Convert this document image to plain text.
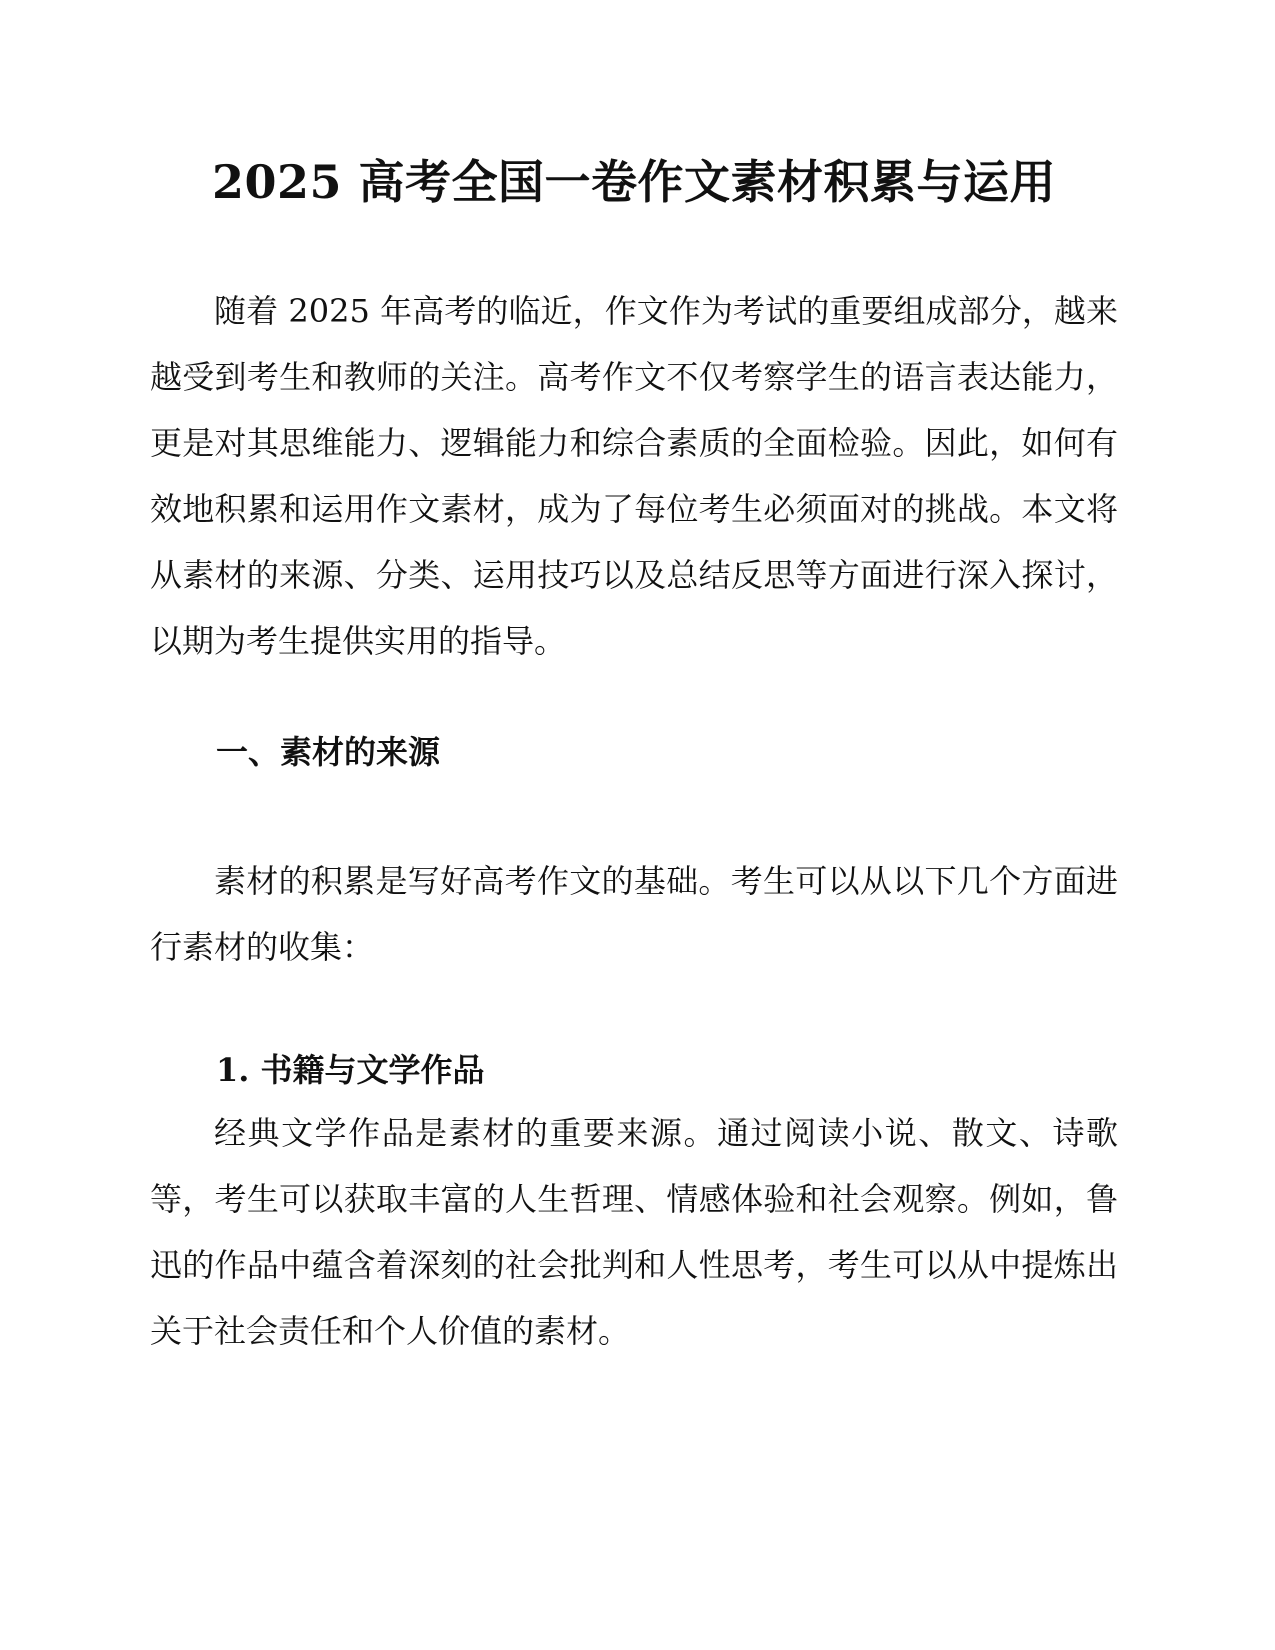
2025 高考全国一卷作文素材积累与运用

随着 2025 年高考的临近，作文作为考试的重要组成部分，越来越受到考生和教师的关注。高考作文不仅考察学生的语言表达能力，更是对其思维能力、逻辑能力和综合素质的全面检验。因此，如何有效地积累和运用作文素材，成为了每位考生必须面对的挑战。本文将从素材的来源、分类、运用技巧以及总结反思等方面进行深入探讨，以期为考生提供实用的指导。

一、素材的来源

素材的积累是写好高考作文的基础。考生可以从以下几个方面进行素材的收集：

1. 书籍与文学作品

经典文学作品是素材的重要来源。通过阅读小说、散文、诗歌等，考生可以获取丰富的人生哲理、情感体验和社会观察。例如，鲁迅的作品中蕴含着深刻的社会批判和人性思考，考生可以从中提炼出关于社会责任和个人价值的素材。
